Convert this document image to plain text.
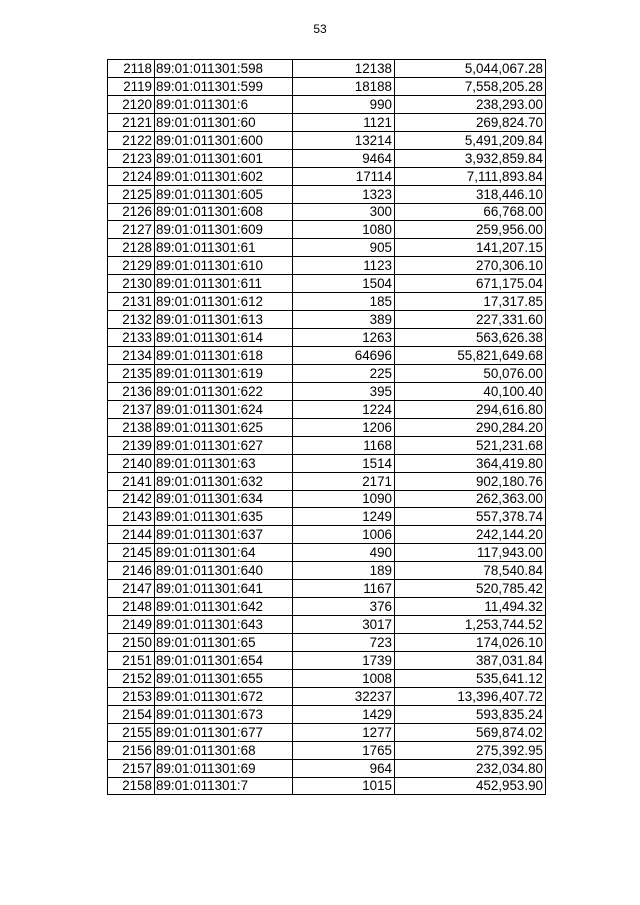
53
2118	89:01:011301:598	12138	5,044,067.28
2119	89:01:011301:599	18188	7,558,205.28
2120	89:01:011301:6	990	238,293.00
2121	89:01:011301:60	1121	269,824.70
2122	89:01:011301:600	13214	5,491,209.84
2123	89:01:011301:601	9464	3,932,859.84
2124	89:01:011301:602	17114	7,111,893.84
2125	89:01:011301:605	1323	318,446.10
2126	89:01:011301:608	300	66,768.00
2127	89:01:011301:609	1080	259,956.00
2128	89:01:011301:61	905	141,207.15
2129	89:01:011301:610	1123	270,306.10
2130	89:01:011301:611	1504	671,175.04
2131	89:01:011301:612	185	17,317.85
2132	89:01:011301:613	389	227,331.60
2133	89:01:011301:614	1263	563,626.38
2134	89:01:011301:618	64696	55,821,649.68
2135	89:01:011301:619	225	50,076.00
2136	89:01:011301:622	395	40,100.40
2137	89:01:011301:624	1224	294,616.80
2138	89:01:011301:625	1206	290,284.20
2139	89:01:011301:627	1168	521,231.68
2140	89:01:011301:63	1514	364,419.80
2141	89:01:011301:632	2171	902,180.76
2142	89:01:011301:634	1090	262,363.00
2143	89:01:011301:635	1249	557,378.74
2144	89:01:011301:637	1006	242,144.20
2145	89:01:011301:64	490	117,943.00
2146	89:01:011301:640	189	78,540.84
2147	89:01:011301:641	1167	520,785.42
2148	89:01:011301:642	376	11,494.32
2149	89:01:011301:643	3017	1,253,744.52
2150	89:01:011301:65	723	174,026.10
2151	89:01:011301:654	1739	387,031.84
2152	89:01:011301:655	1008	535,641.12
2153	89:01:011301:672	32237	13,396,407.72
2154	89:01:011301:673	1429	593,835.24
2155	89:01:011301:677	1277	569,874.02
2156	89:01:011301:68	1765	275,392.95
2157	89:01:011301:69	964	232,034.80
2158	89:01:011301:7	1015	452,953.90
